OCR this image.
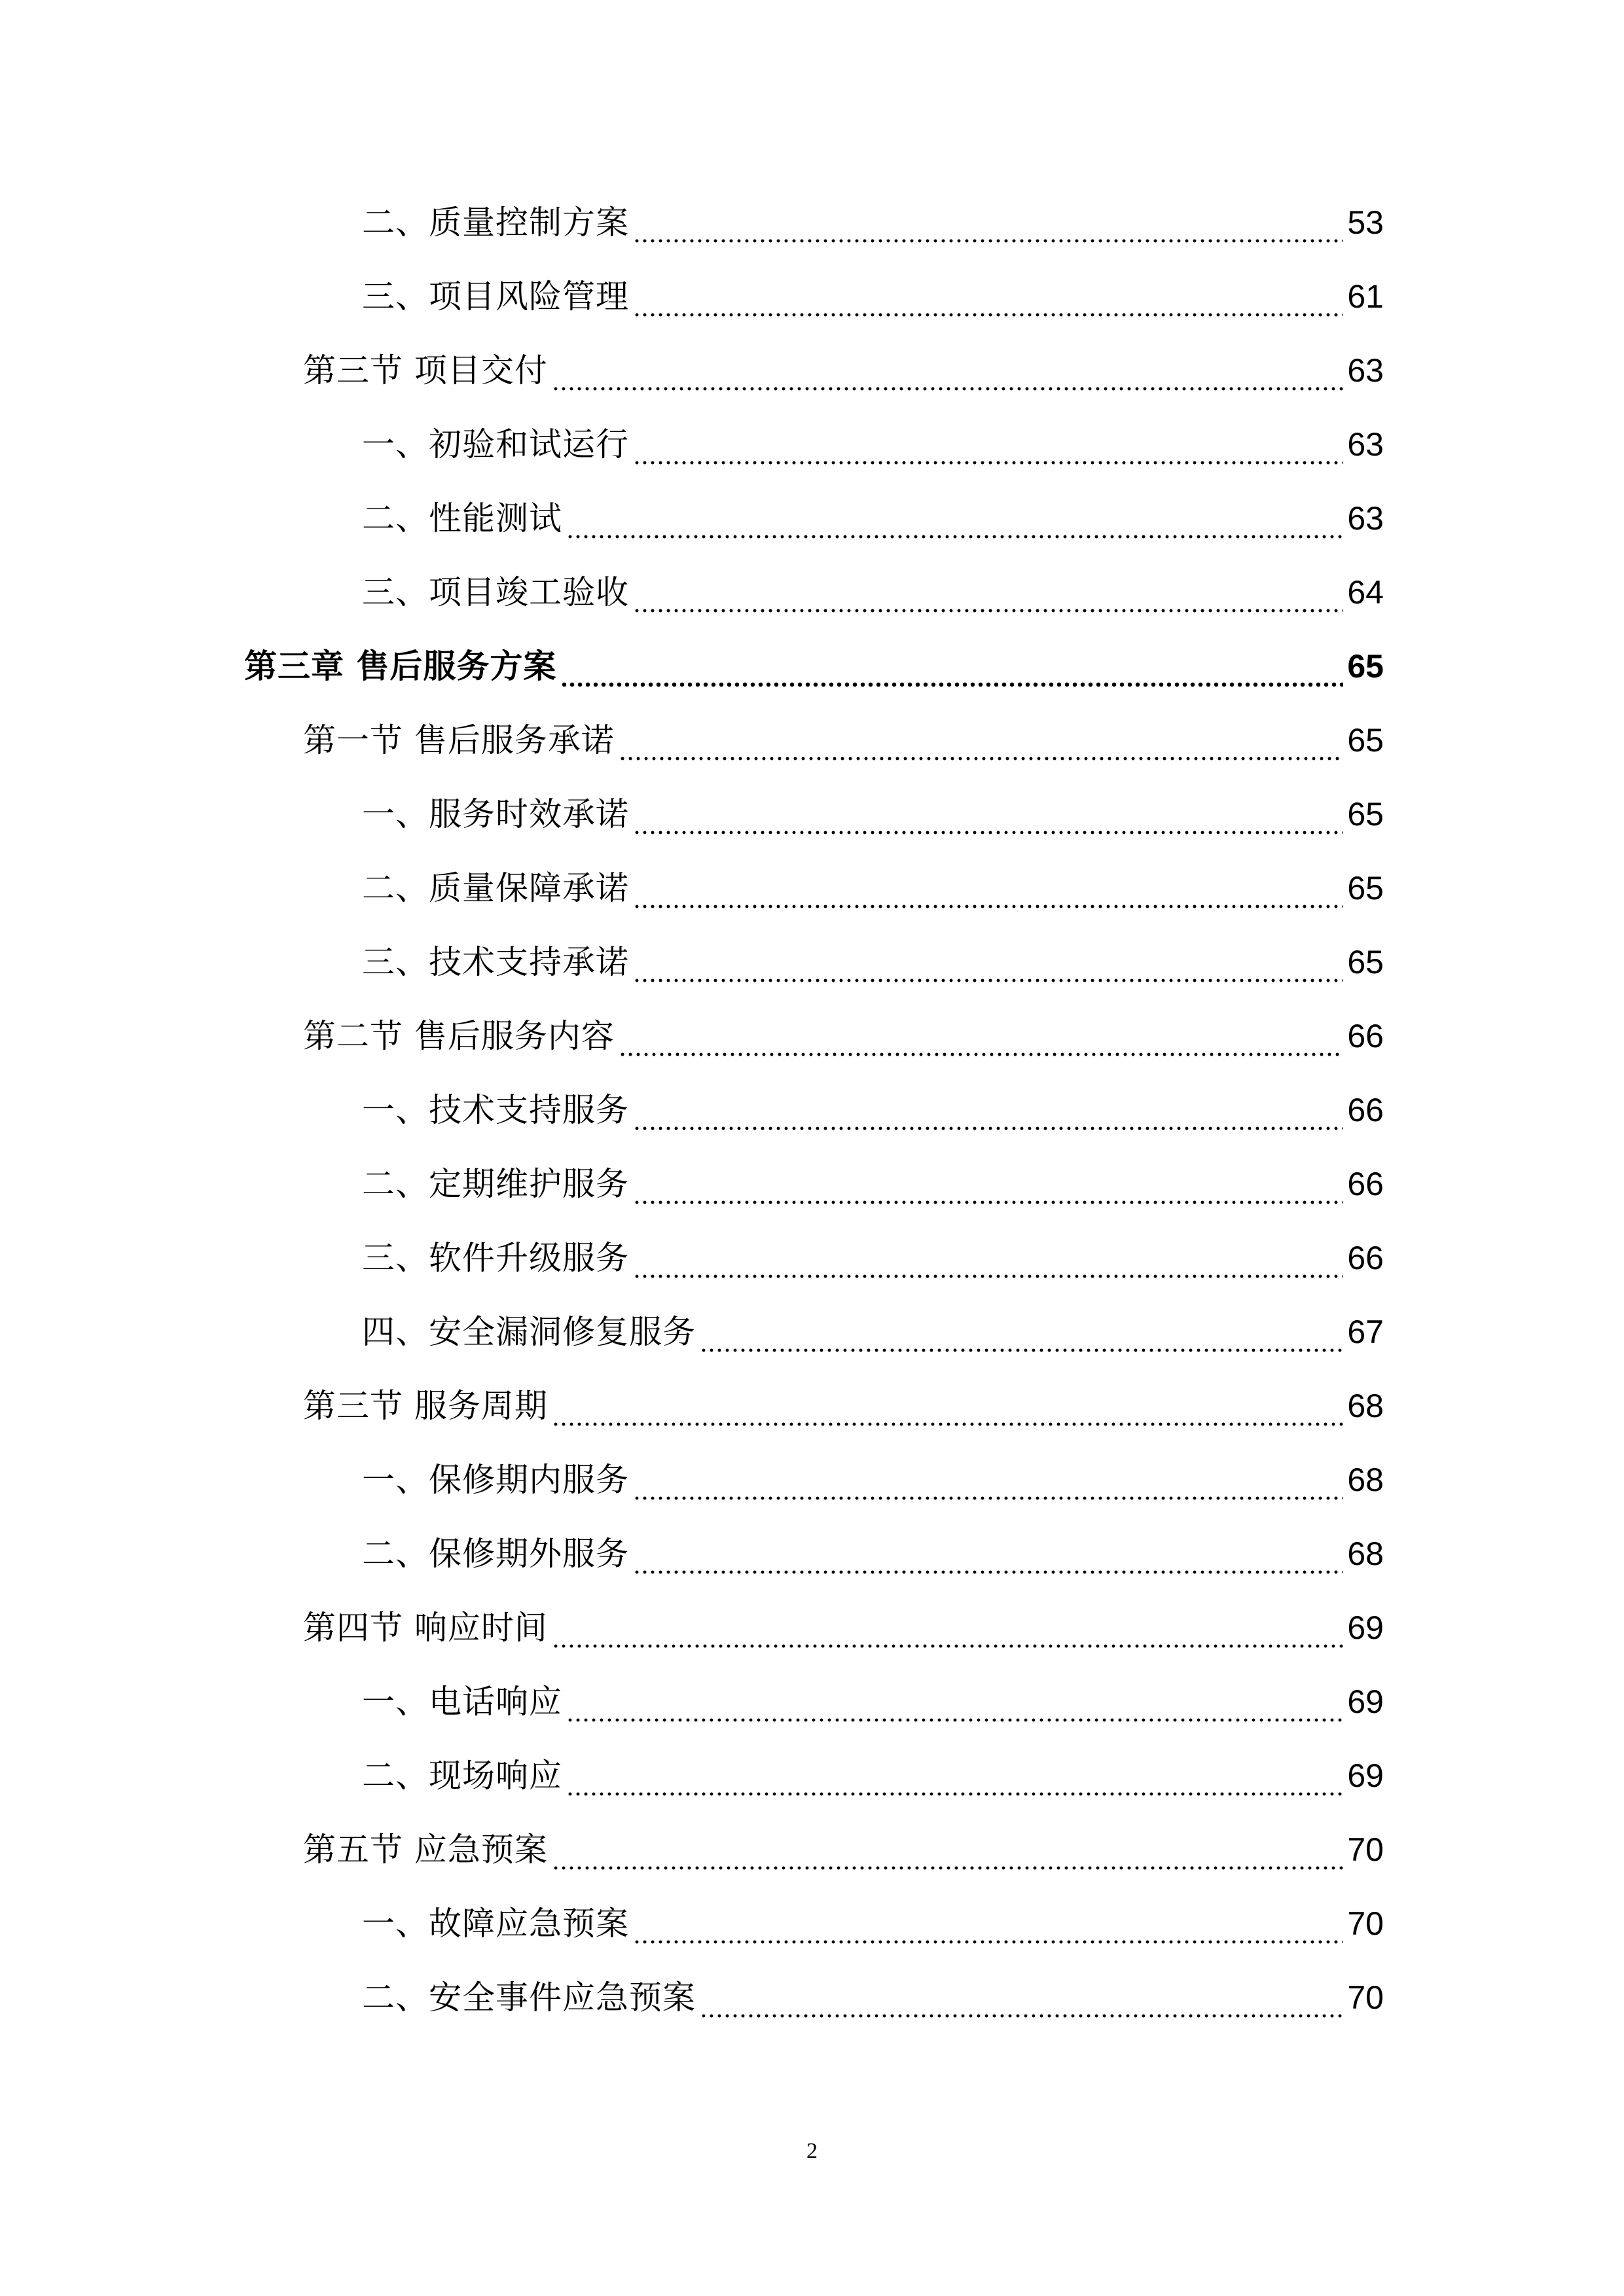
二、质量控制方案	53
三、项目风险管理	61
第三节 项目交付	63
一、初验和试运行	63
二、性能测试	63
三、项目竣工验收	64
第三章 售后服务方案	65
第一节 售后服务承诺	65
一、服务时效承诺	65
二、质量保障承诺	65
三、技术支持承诺	65
第二节 售后服务内容	66
一、技术支持服务	66
二、定期维护服务	66
三、软件升级服务	66
四、安全漏洞修复服务	67
第三节 服务周期	68
一、保修期内服务	68
二、保修期外服务	68
第四节 响应时间	69
一、电话响应	69
二、现场响应	69
第五节 应急预案	70
一、故障应急预案	70
二、安全事件应急预案	70
2
